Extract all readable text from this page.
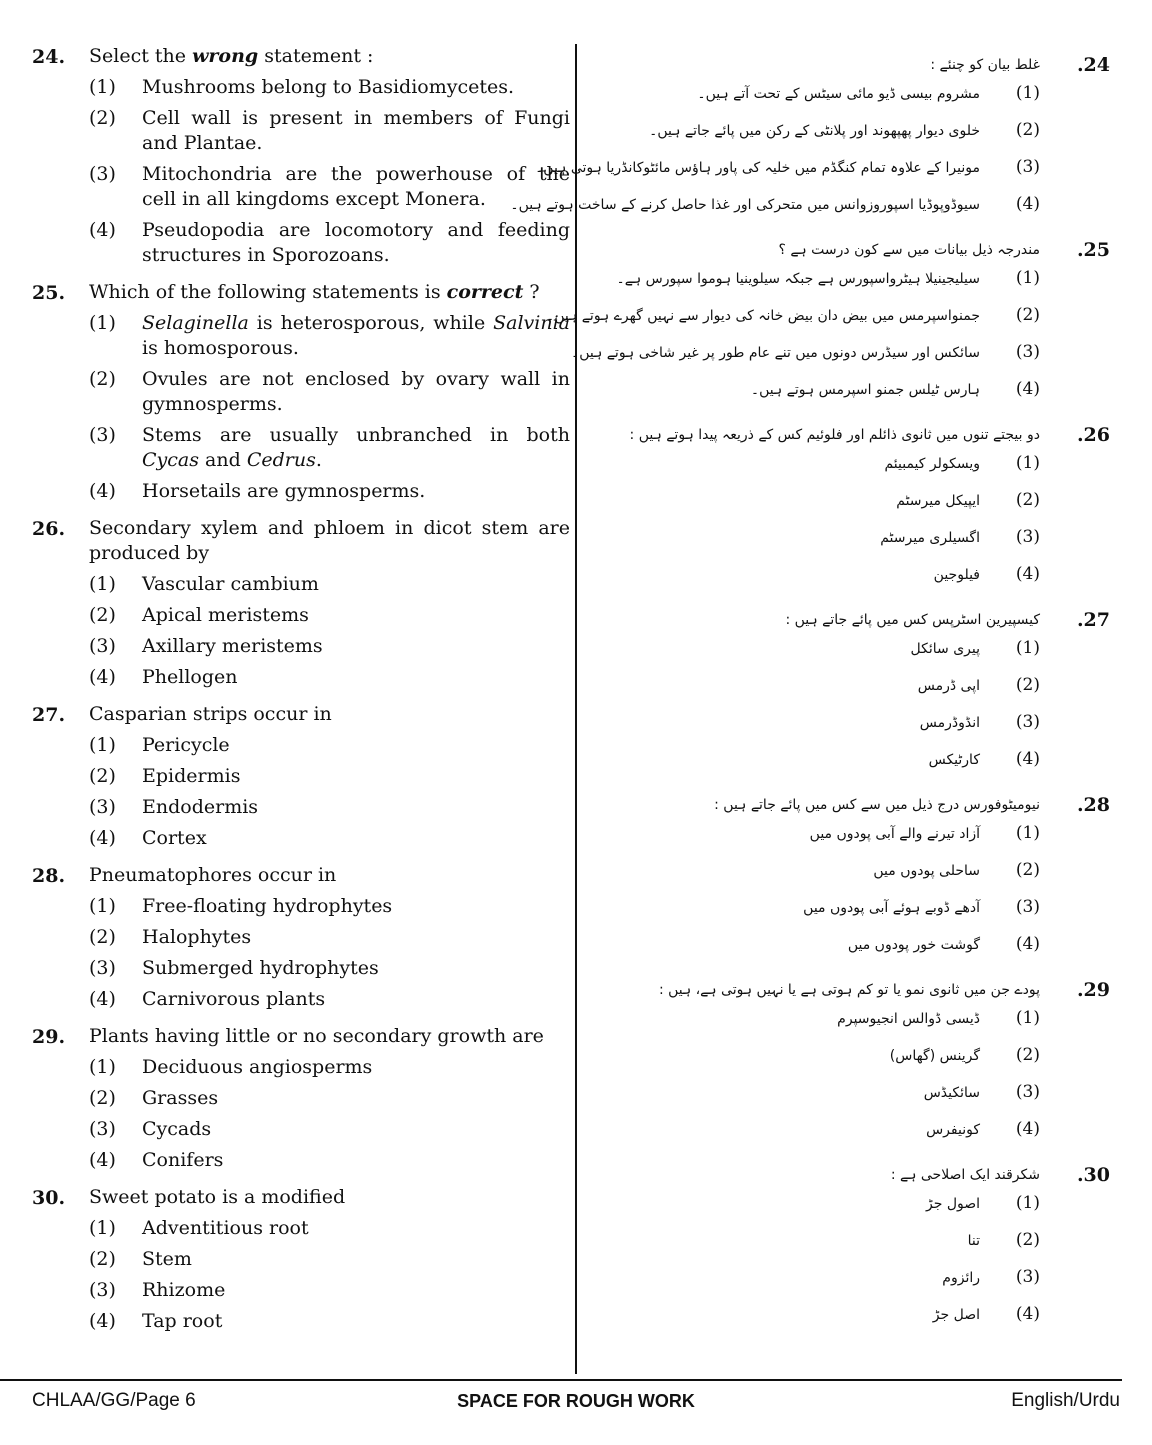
24. Select the wrong statement :
(1) Mushrooms belong to Basidiomycetes.
(2) Cell wall is present in members of Fungi and Plantae.
(3) Mitochondria are the powerhouse of the cell in all kingdoms except Monera.
(4) Pseudopodia are locomotory and feeding structures in Sporozoans.
25. Which of the following statements is correct ?
(1) Selaginella is heterosporous, while Salvinia is homosporous.
(2) Ovules are not enclosed by ovary wall in gymnosperms.
(3) Stems are usually unbranched in both Cycas and Cedrus.
(4) Horsetails are gymnosperms.
26. Secondary xylem and phloem in dicot stem are produced by
(1) Vascular cambium
(2) Apical meristems
(3) Axillary meristems
(4) Phellogen
27. Casparian strips occur in
(1) Pericycle
(2) Epidermis
(3) Endodermis
(4) Cortex
28. Pneumatophores occur in
(1) Free-floating hydrophytes
(2) Halophytes
(3) Submerged hydrophytes
(4) Carnivorous plants
29. Plants having little or no secondary growth are
(1) Deciduous angiosperms
(2) Grasses
(3) Cycads
(4) Conifers
30. Sweet potato is a modified
(1) Adventitious root
(2) Stem
(3) Rhizome
(4) Tap root
.24
غلط بیان کو چنئے :
(1)
مشروم بیسی ڈیو مائی سیٹس کے تحت آتے ہیں۔
(2)
خلوی دیوار پھپھوند اور پلانٹی کے رکن میں پائے جاتے ہیں۔
(3)
مونیرا کے علاوہ تمام کنگڈم میں خلیہ کی پاور ہاؤس مائٹوکانڈریا ہوتی ہیں۔
(4)
سیوڈوپوڈیا اسپوروزوانس میں متحرکی اور غذا حاصل کرنے کے ساخت ہوتے ہیں۔
.25
مندرجہ ذیل بیانات میں سے کون درست ہے ؟
(1)
سیلیجینیلا ہیٹرواسپورس ہے جبکہ سیلوینیا ہوموا سپورس ہے۔
(2)
جمنواسپرمس میں بیض دان بیض خانہ کی دیوار سے نہیں گھرے ہوتے ہیں۔
(3)
سائکس اور سیڈرس دونوں میں تنے عام طور پر غیر شاخی ہوتے ہیں۔
(4)
ہارس ٹیلس جمنو اسپرمس ہوتے ہیں۔
.26
دو بیجتے تنوں میں ثانوی ذائلم اور فلوئیم کس کے ذریعہ پیدا ہوتے ہیں :
(1)
ویسکولر کیمبیئم
(2)
ایپیکل میرسٹم
(3)
اگسیلری میرسٹم
(4)
فیلوجین
.27
کیسپیرین اسٹرپس کس میں پائے جاتے ہیں :
(1)
پیری سائکل
(2)
اپی ڈرمس
(3)
انڈوڈرمس
(4)
کارٹیکس
.28
نیومیٹوفورس درج ذیل میں سے کس میں پائے جاتے ہیں :
(1)
آزاد تیرنے والے آبی پودوں میں
(2)
ساحلی پودوں میں
(3)
آدھے ڈوبے ہوئے آبی پودوں میں
(4)
گوشت خور پودوں میں
.29
پودے جن میں ثانوی نمو یا تو کم ہوتی ہے یا نہیں ہوتی ہے، ہیں :
(1)
ڈیسی ڈوالس انجیوسپرم
(2)
گرینس (گھاس)
(3)
سائکیڈس
(4)
کونیفرس
.30
شکرقند ایک اصلاحی ہے :
(1)
اصول جڑ
(2)
تنا
(3)
رائزوم
(4)
اصل جڑ
CHLAA/GG/Page 6	SPACE FOR ROUGH WORK	English/Urdu
